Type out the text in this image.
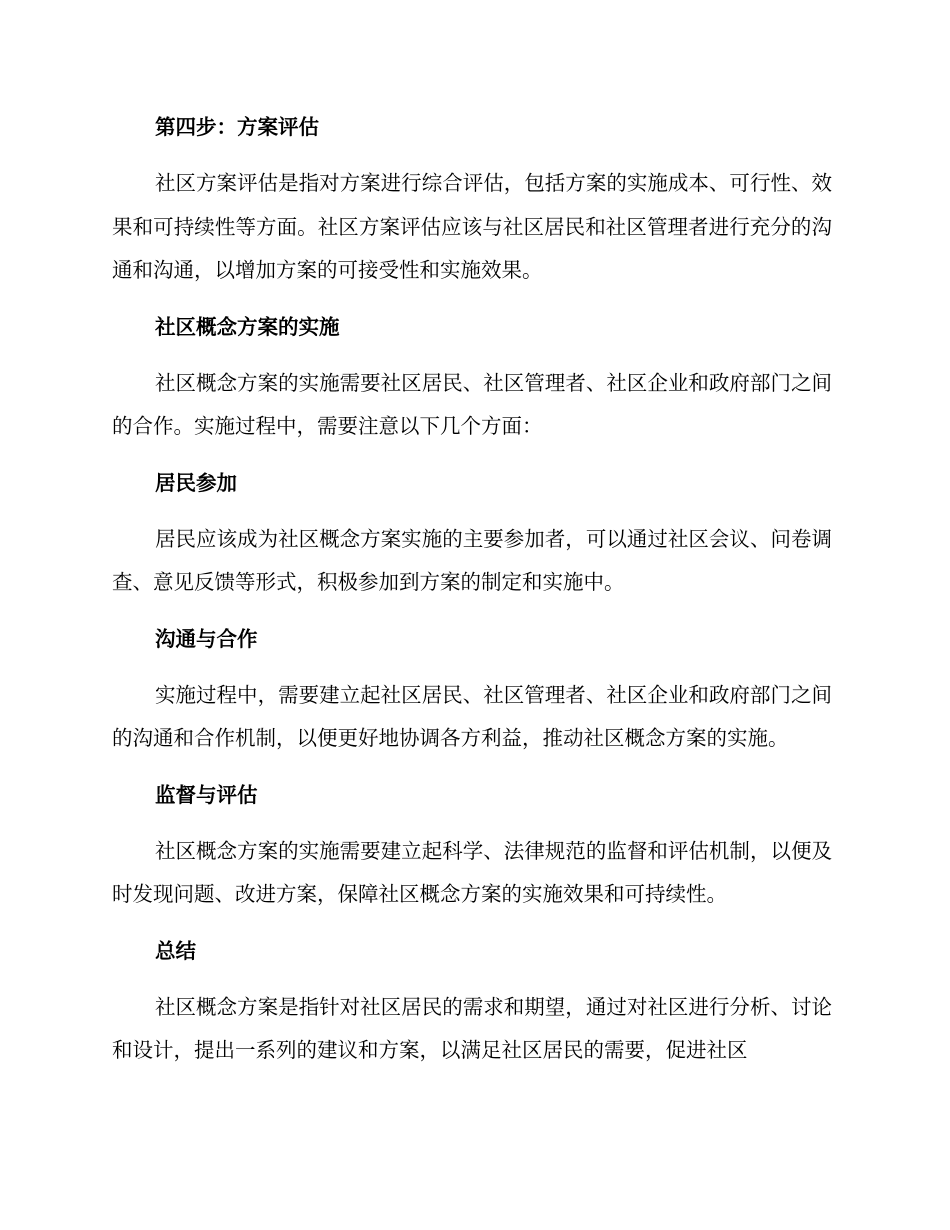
第四步：方案评估

社区方案评估是指对方案进行综合评估，包括方案的实施成本、可行性、效果和可持续性等方面。社区方案评估应该与社区居民和社区管理者进行充分的沟通和沟通，以增加方案的可接受性和实施效果。

社区概念方案的实施

社区概念方案的实施需要社区居民、社区管理者、社区企业和政府部门之间的合作。实施过程中，需要注意以下几个方面：

居民参加

居民应该成为社区概念方案实施的主要参加者，可以通过社区会议、问卷调查、意见反馈等形式，积极参加到方案的制定和实施中。

沟通与合作

实施过程中，需要建立起社区居民、社区管理者、社区企业和政府部门之间的沟通和合作机制，以便更好地协调各方利益，推动社区概念方案的实施。

监督与评估

社区概念方案的实施需要建立起科学、法律规范的监督和评估机制，以便及时发现问题、改进方案，保障社区概念方案的实施效果和可持续性。

总结

社区概念方案是指针对社区居民的需求和期望，通过对社区进行分析、讨论和设计，提出一系列的建议和方案，以满足社区居民的需要，促进社区
